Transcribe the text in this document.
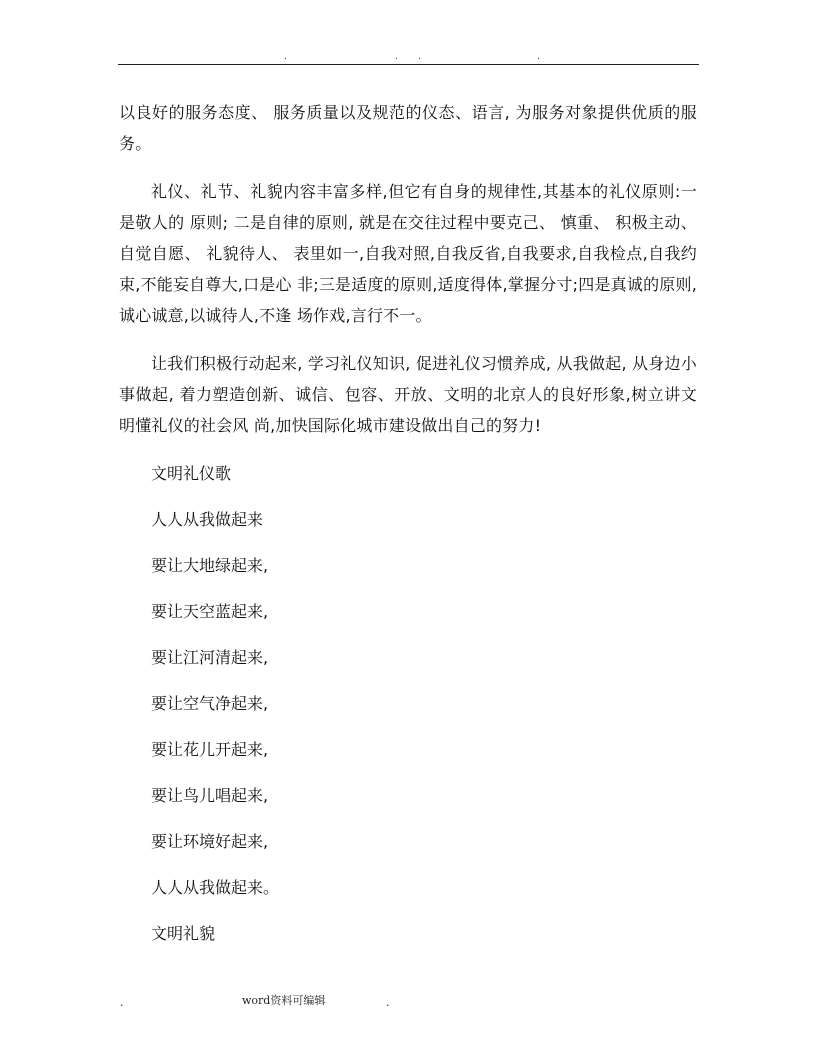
.	. .	.

以良好的服务态度、 服务质量以及规范的仪态、语言, 为服务对象提供优质的服务。

礼仪、礼节、礼貌内容丰富多样,但它有自身的规律性,其基本的礼仪原则:一是敬人的 原则; 二是自律的原则, 就是在交往过程中要克己、 慎重、 积极主动、 自觉自愿、 礼貌待人、 表里如一,自我对照,自我反省,自我要求,自我检点,自我约束,不能妄自尊大,口是心 非;三是适度的原则,适度得体,掌握分寸;四是真诚的原则,诚心诚意,以诚待人,不逢 场作戏,言行不一。

让我们积极行动起来, 学习礼仪知识, 促进礼仪习惯养成, 从我做起, 从身边小事做起, 着力塑造创新、诚信、包容、开放、文明的北京人的良好形象,树立讲文明懂礼仪的社会风 尚,加快国际化城市建设做出自己的努力!

文明礼仪歌

人人从我做起来

要让大地绿起来,

要让天空蓝起来,

要让江河清起来,

要让空气净起来,

要让花儿开起来,

要让鸟儿唱起来,

要让环境好起来,

人人从我做起来。

文明礼貌

.	word资料可编辑	.
